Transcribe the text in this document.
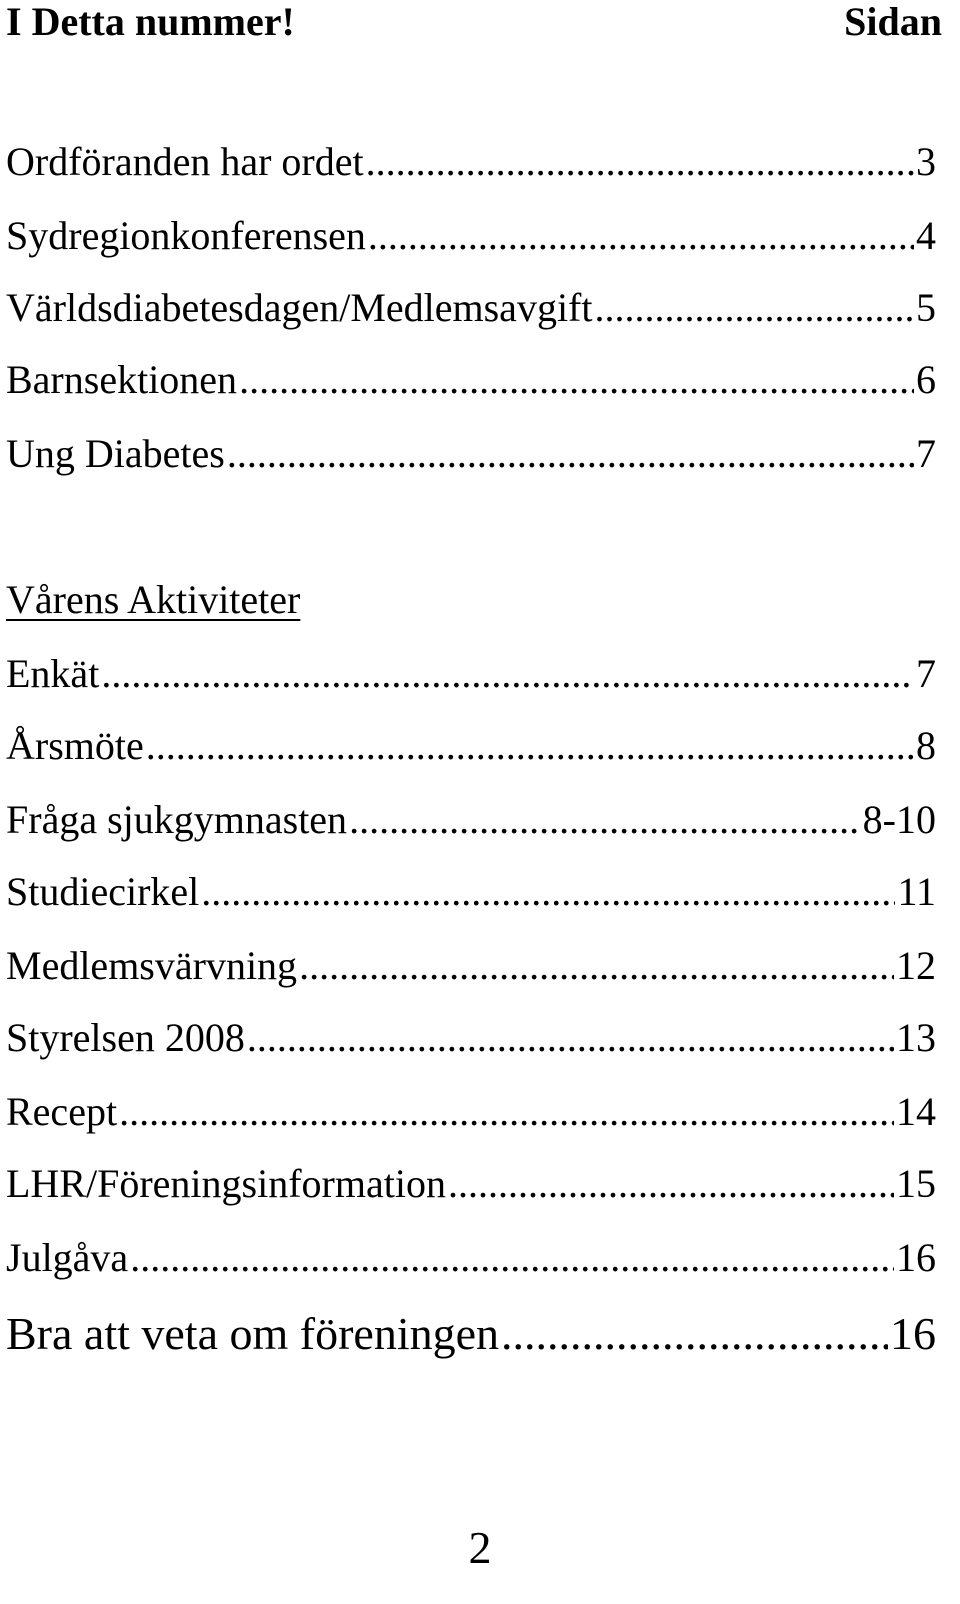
I Detta nummer!	Sidan
Ordföranden har ordet .....	.3
Sydregionkonferensen .....	4
Världsdiabetesdagen/Medlemsavgift .....	5
Barnsektionen .....	6
Ung Diabetes .....	7
Vårens Aktiviteter
Enkät .....	7
Årsmöte .....	8
Fråga sjukgymnasten .....	8-10
Studiecirkel .....	11
Medlemsvärvning .....	12
Styrelsen 2008 .....	13
Recept .....	14
LHR/Föreningsinformation .....	15
Julgåva .....	16
Bra att veta om föreningen .....	16
2
